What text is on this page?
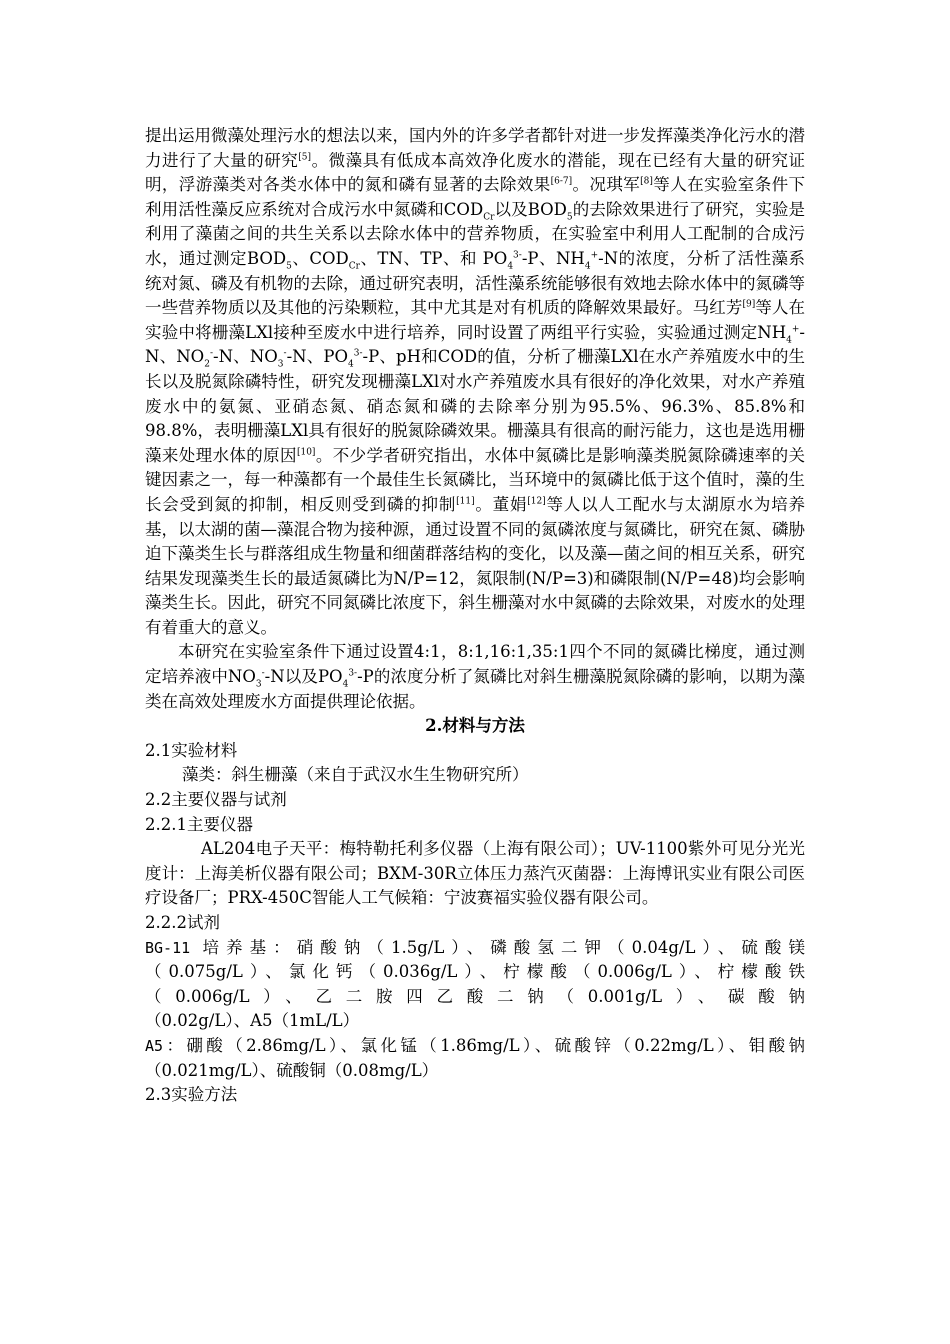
提出运用微藻处理污水的想法以来，国内外的许多学者都针对进一步发挥藻类净化污水的潜力进行了大量的研究[5]。微藻具有低成本高效净化废水的潜能，现在已经有大量的研究证明，浮游藻类对各类水体中的氮和磷有显著的去除效果[6-7]。况琪军[8]等人在实验室条件下利用活性藻反应系统对合成污水中氮磷和$COD_{Cr}$以及$BOD_5$的去除效果进行了研究，实验是利用了藻菌之间的共生关系以去除水体中的营养物质，在实验室中利用人工配制的合成污水，通过测定$BOD_5$、$COD_{Cr}$、TN、TP、和 $PO_4^{3-}-P$、$NH_4^+-N$的浓度，分析了活性藻系统对氮、磷及有机物的去除，通过研究表明，活性藻系统能够很有效地去除水体中的氮磷等一些营养物质以及其他的污染颗粒，其中尤其是对有机质的降解效果最好。马红芳[9]等人在实验中将栅藻LXl接种至废水中进行培养，同时设置了两组平行实验，实验通过测定$NH_4^+-N$、$NO_2^--N$、$NO_3^--N$、$PO_4^{3-}-P$、pH和COD的值，分析了栅藻LXl在水产养殖废水中的生长以及脱氮除磷特性，研究发现栅藻LXl对水产养殖废水具有很好的净化效果，对水产养殖废水中的氨氮、亚硝态氮、硝态氮和磷的去除率分别为95.5%、96.3%、85.8%和 98.8%，表明栅藻LXl具有很好的脱氮除磷效果。栅藻具有很高的耐污能力，这也是选用栅藻来处理水体的原因[10]。不少学者研究指出，水体中氮磷比是影响藻类脱氮除磷速率的关键因素之一，每一种藻都有一个最佳生长氮磷比，当环境中的氮磷比低于这个值时，藻的生长会受到氮的抑制，相反则受到磷的抑制[11]。董娟[12]等人以人工配水与太湖原水为培养基，以太湖的菌—藻混合物为接种源，通过设置不同的氮磷浓度与氮磷比，研究在氮、磷胁迫下藻类生长与群落组成生物量和细菌群落结构的变化，以及藻—菌之间的相互关系，研究结果发现藻类生长的最适氮磷比为N/P=12，氮限制(N/P=3)和磷限制(N/P=48)均会影响藻类生长。因此，研究不同氮磷比浓度下，斜生栅藻对水中氮磷的去除效果，对废水的处理有着重大的意义。

本研究在实验室条件下通过设置4:1，8:1,16:1,35:1四个不同的氮磷比梯度，通过测定培养液中$NO_3^--N$以及$PO_4^{3-}-P$的浓度分析了氮磷比对斜生栅藻脱氮除磷的影响，以期为藻类在高效处理废水方面提供理论依据。

2.材料与方法

2.1实验材料

藻类：斜生栅藻（来自于武汉水生生物研究所）

2.2主要仪器与试剂

2.2.1主要仪器

AL204电子天平：梅特勒托利多仪器（上海有限公司）；UV-1100紫外可见分光光度计：上海美析仪器有限公司；BXM-30R立体压力蒸汽灭菌器：上海博讯实业有限公司医疗设备厂；PRX-450C智能人工气候箱：宁波赛福实验仪器有限公司。

2.2.2试剂

BG-11 培养基：硝酸钠（1.5g/L）、磷酸氢二钾（0.04g/L）、硫酸镁

（0.075g/L）、氯化钙（0.036g/L）、柠檬酸（0.006g/L）、柠檬酸铁

（0.006g/L）、乙二胺四乙酸二钠（0.001g/L）、碳酸钠

（0.02g/L）、A5（1mL/L）

A5：硼酸（2.86mg/L）、氯化锰（1.86mg/L）、硫酸锌（0.22mg/L）、钼酸钠（0.021mg/L）、硫酸铜（0.08mg/L）

2.3实验方法
